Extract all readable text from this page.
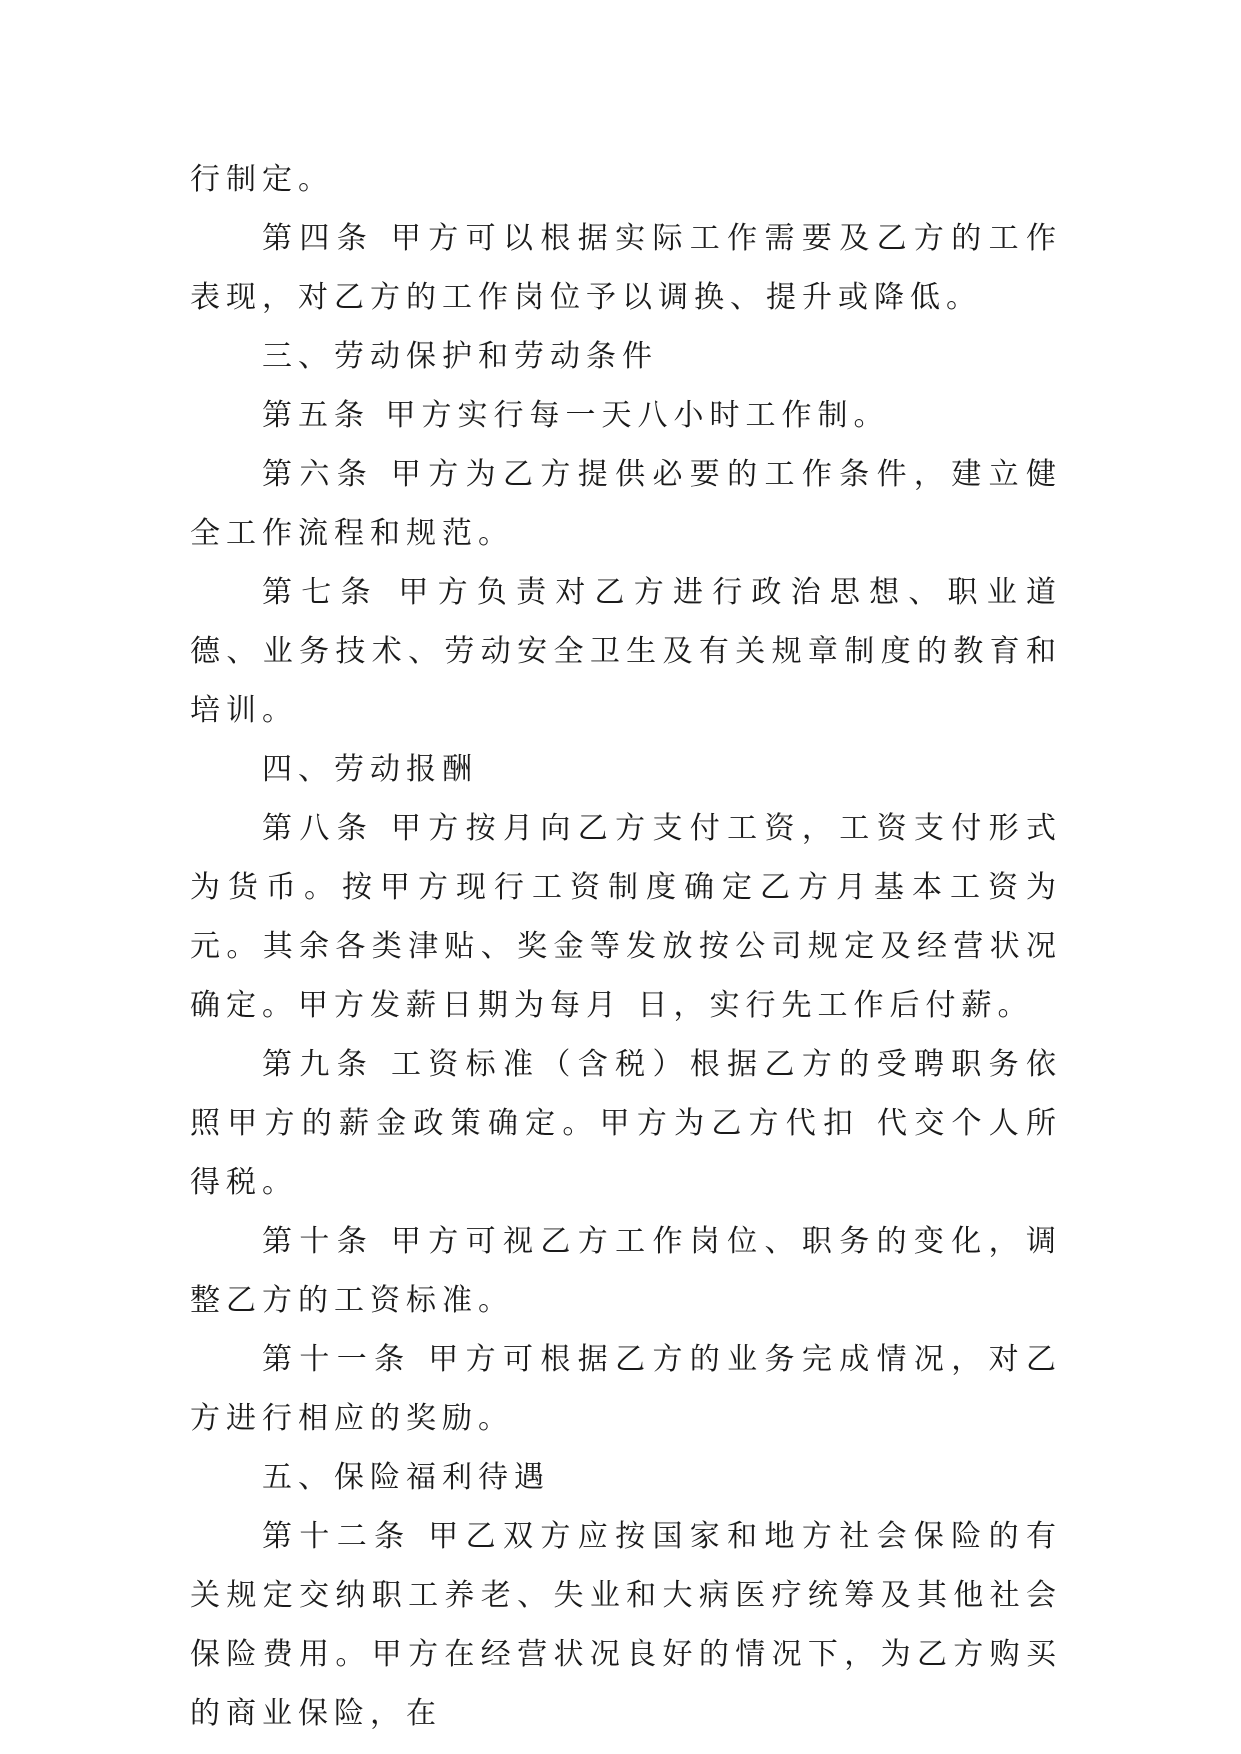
行制定。

第四条 甲方可以根据实际工作需要及乙方的工作表现，对乙方的工作岗位予以调换、提升或降低。

三、劳动保护和劳动条件

第五条 甲方实行每一天八小时工作制。

第六条 甲方为乙方提供必要的工作条件，建立健全工作流程和规范。

第七条 甲方负责对乙方进行政治思想、职业道德、业务技术、劳动安全卫生及有关规章制度的教育和培训。

四、劳动报酬

第八条 甲方按月向乙方支付工资，工资支付形式为货币。按甲方现行工资制度确定乙方月基本工资为 元。其余各类津贴、奖金等发放按公司规定及经营状况确定。甲方发薪日期为每月 日，实行先工作后付薪。

第九条 工资标准（含税）根据乙方的受聘职务依照甲方的薪金政策确定。甲方为乙方代扣 代交个人所得税。

第十条 甲方可视乙方工作岗位、职务的变化，调整乙方的工资标准。

第十一条 甲方可根据乙方的业务完成情况，对乙方进行相应的奖励。

五、保险福利待遇

第十二条 甲乙双方应按国家和地方社会保险的有关规定交纳职工养老、失业和大病医疗统筹及其他社会保险费用。甲方在经营状况良好的情况下，为乙方购买的商业保险，在
